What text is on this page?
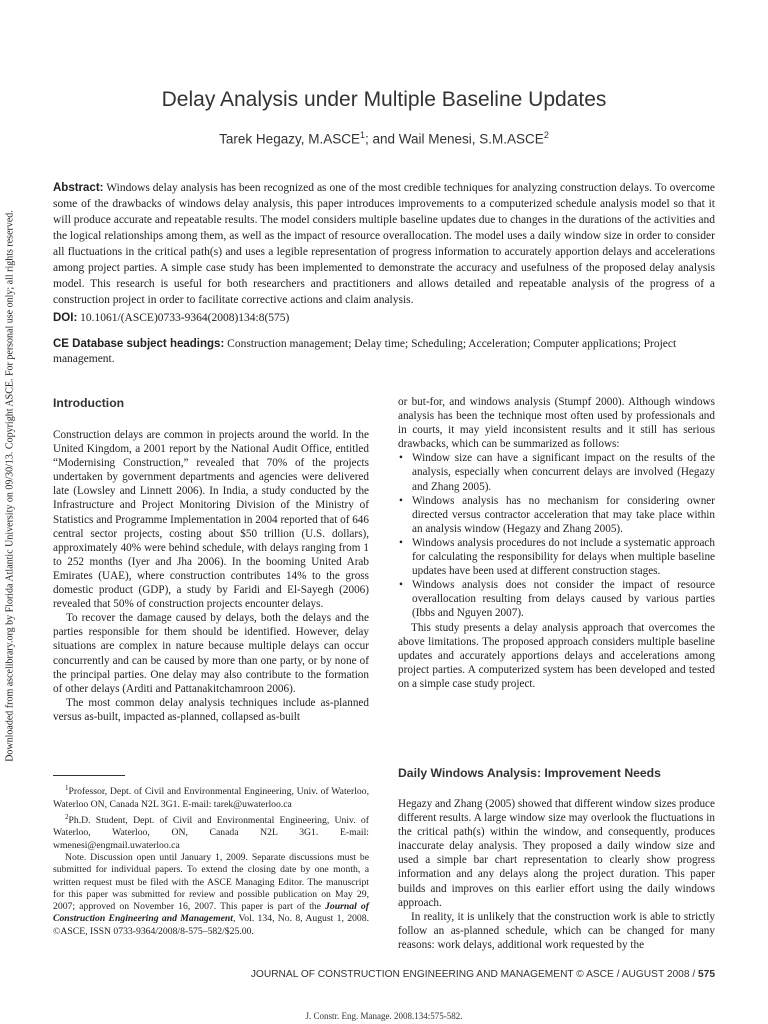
Downloaded from ascelibrary.org by Florida Atlantic University on 09/30/13. Copyright ASCE. For personal use only; all rights reserved.
Delay Analysis under Multiple Baseline Updates
Tarek Hegazy, M.ASCE$^1$; and Wail Menesi, S.M.ASCE$^2$
Abstract: Windows delay analysis has been recognized as one of the most credible techniques for analyzing construction delays. To overcome some of the drawbacks of windows delay analysis, this paper introduces improvements to a computerized schedule analysis model so that it will produce accurate and repeatable results. The model considers multiple baseline updates due to changes in the durations of the activities and the logical relationships among them, as well as the impact of resource overallocation. The model uses a daily window size in order to consider all fluctuations in the critical path(s) and uses a legible representation of progress information to accurately apportion delays and accelerations among project parties. A simple case study has been implemented to demonstrate the accuracy and usefulness of the proposed delay analysis model. This research is useful for both researchers and practitioners and allows detailed and repeatable analysis of the progress of a construction project in order to facilitate corrective actions and claim analysis.
DOI: 10.1061/(ASCE)0733-9364(2008)134:8(575)
CE Database subject headings: Construction management; Delay time; Scheduling; Acceleration; Computer applications; Project management.
Introduction

Construction delays are common in projects around the world. In the United Kingdom, a 2001 report by the National Audit Office, entitled “Modernising Construction,” revealed that 70% of the projects undertaken by government departments and agencies were delivered late (Lowsley and Linnett 2006). In India, a study conducted by the Infrastructure and Project Monitoring Division of the Ministry of Statistics and Programme Implementation in 2004 reported that of 646 central sector projects, costing about $50 trillion (U.S. dollars), approximately 40% were behind schedule, with delays ranging from 1 to 252 months (Iyer and Jha 2006). In the booming United Arab Emirates (UAE), where construction contributes 14% to the gross domestic product (GDP), a study by Faridi and El-Sayegh (2006) revealed that 50% of construction projects encounter delays.

To recover the damage caused by delays, both the delays and the parties responsible for them should be identified. However, delay situations are complex in nature because multiple delays can occur concurrently and can be caused by more than one party, or by none of the principal parties. One delay may also contribute to the formation of other delays (Arditi and Pattanakitchamroon 2006).

The most common delay analysis techniques include as-planned versus as-built, impacted as-planned, collapsed as-built

$^1$Professor, Dept. of Civil and Environmental Engineering, Univ. of Waterloo, Waterloo ON, Canada N2L 3G1. E-mail: tarek@uwaterloo.ca

$^2$Ph.D. Student, Dept. of Civil and Environmental Engineering, Univ. of Waterloo, Waterloo, ON, Canada N2L 3G1. E-mail: wmenesi@engmail.uwaterloo.ca

Note. Discussion open until January 1, 2009. Separate discussions must be submitted for individual papers. To extend the closing date by one month, a written request must be filed with the ASCE Managing Editor. The manuscript for this paper was submitted for review and possible publication on May 29, 2007; approved on November 16, 2007. This paper is part of the Journal of Construction Engineering and Management, Vol. 134, No. 8, August 1, 2008. ©ASCE, ISSN 0733-9364/2008/8-575–582/$25.00.

or but-for, and windows analysis (Stumpf 2000). Although windows analysis has been the technique most often used by professionals and in courts, it may yield inconsistent results and it still has serious drawbacks, which can be summarized as follows:

• Window size can have a significant impact on the results of the analysis, especially when concurrent delays are involved (Hegazy and Zhang 2005).
• Windows analysis has no mechanism for considering owner directed versus contractor acceleration that may take place within an analysis window (Hegazy and Zhang 2005).
• Windows analysis procedures do not include a systematic approach for calculating the responsibility for delays when multiple baseline updates have been used at different construction stages.
• Windows analysis does not consider the impact of resource overallocation resulting from delays caused by various parties (Ibbs and Nguyen 2007).

This study presents a delay analysis approach that overcomes the above limitations. The proposed approach considers multiple baseline updates and accurately apportions delays and accelerations among project parties. A computerized system has been developed and tested on a simple case study project.

Daily Windows Analysis: Improvement Needs

Hegazy and Zhang (2005) showed that different window sizes produce different results. A large window size may overlook the fluctuations in the critical path(s) within the window, and consequently, produces inaccurate delay analysis. They proposed a daily window size and used a simple bar chart representation to clearly show progress information and any delays along the project duration. This paper builds and improves on this earlier effort using the daily windows approach.

In reality, it is unlikely that the construction work is able to strictly follow an as-planned schedule, which can be changed for many reasons: work delays, additional work requested by the

JOURNAL OF CONSTRUCTION ENGINEERING AND MANAGEMENT © ASCE / AUGUST 2008 / 575
J. Constr. Eng. Manage. 2008.134:575-582.
